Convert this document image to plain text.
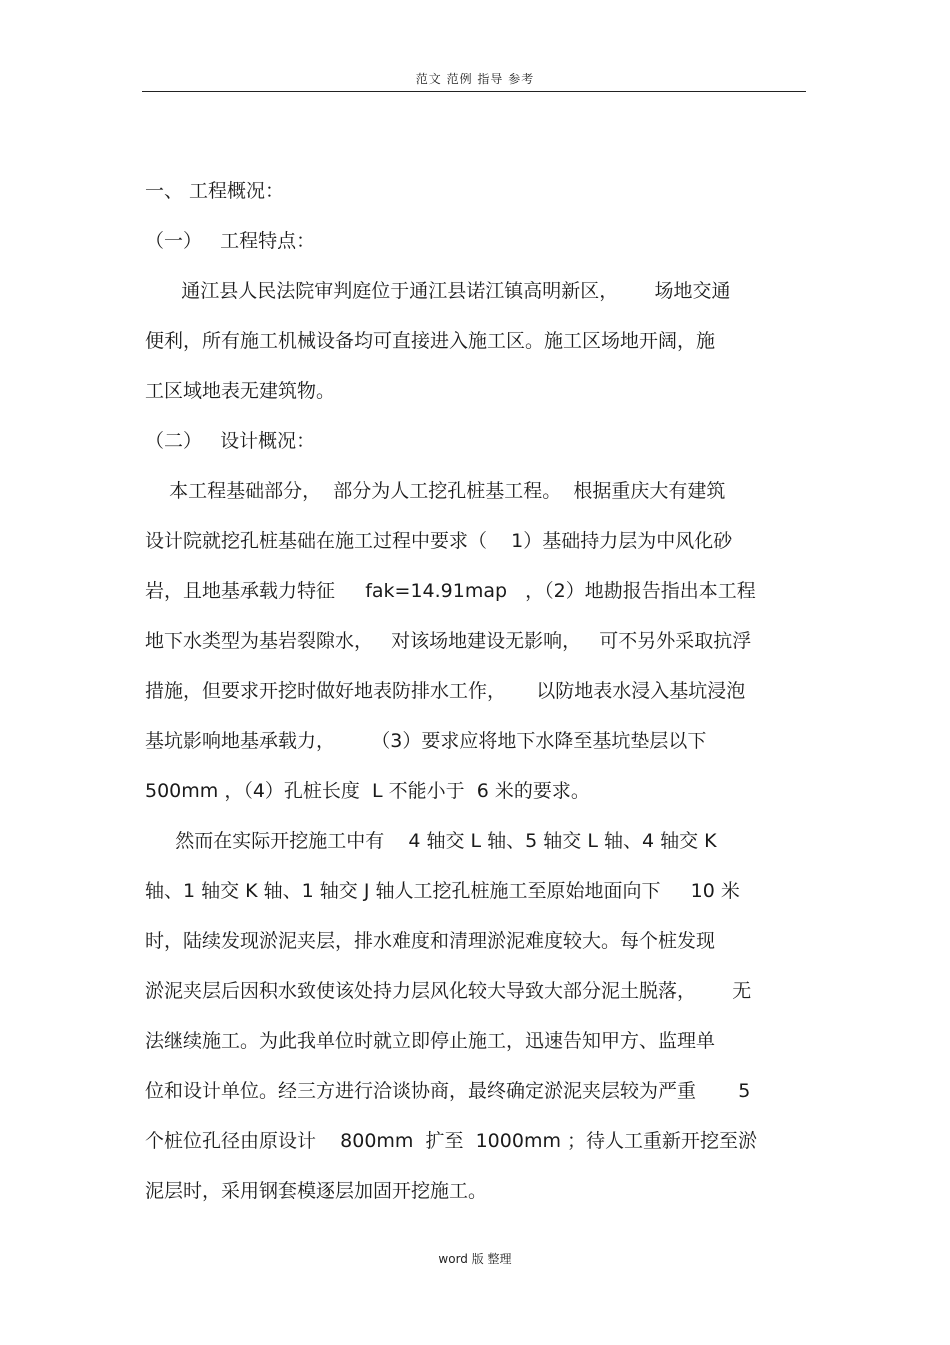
范文 范例 指导 参考
一、 工程概况：
（一）   工程特点：
通江县人民法院审判庭位于通江县诺江镇高明新区，      场地交通
便利，所有施工机械设备均可直接进入施工区。施工区场地开阔，施
工区域地表无建筑物。
（二）   设计概况：
本工程基础部分，  部分为人工挖孔桩基工程。  根据重庆大有建筑
设计院就挖孔桩基础在施工过程中要求（    1）基础持力层为中风化砂
岩，且地基承载力特征     fak=14.91map   ，（2）地勘报告指出本工程
地下水类型为基岩裂隙水，   对该场地建设无影响，   可不另外采取抗浮
措施，但要求开挖时做好地表防排水工作，     以防地表水浸入基坑浸泡
基坑影响地基承载力，      （3）要求应将地下水降至基坑垫层以下
500mm ，（4）孔桩长度  L 不能小于  6 米的要求。
然而在实际开挖施工中有    4 轴交 L 轴、5 轴交 L 轴、4 轴交 K
轴、1 轴交 K 轴、1 轴交 J 轴人工挖孔桩施工至原始地面向下     10 米
时，陆续发现淤泥夹层，排水难度和清理淤泥难度较大。每个桩发现
淤泥夹层后因积水致使该处持力层风化较大导致大部分泥土脱落，      无
法继续施工。为此我单位时就立即停止施工，迅速告知甲方、监理单
位和设计单位。经三方进行洽谈协商，最终确定淤泥夹层较为严重       5
个桩位孔径由原设计    800mm  扩至  1000mm ；待人工重新开挖至淤
泥层时，采用钢套模逐层加固开挖施工。
word 版 整理
